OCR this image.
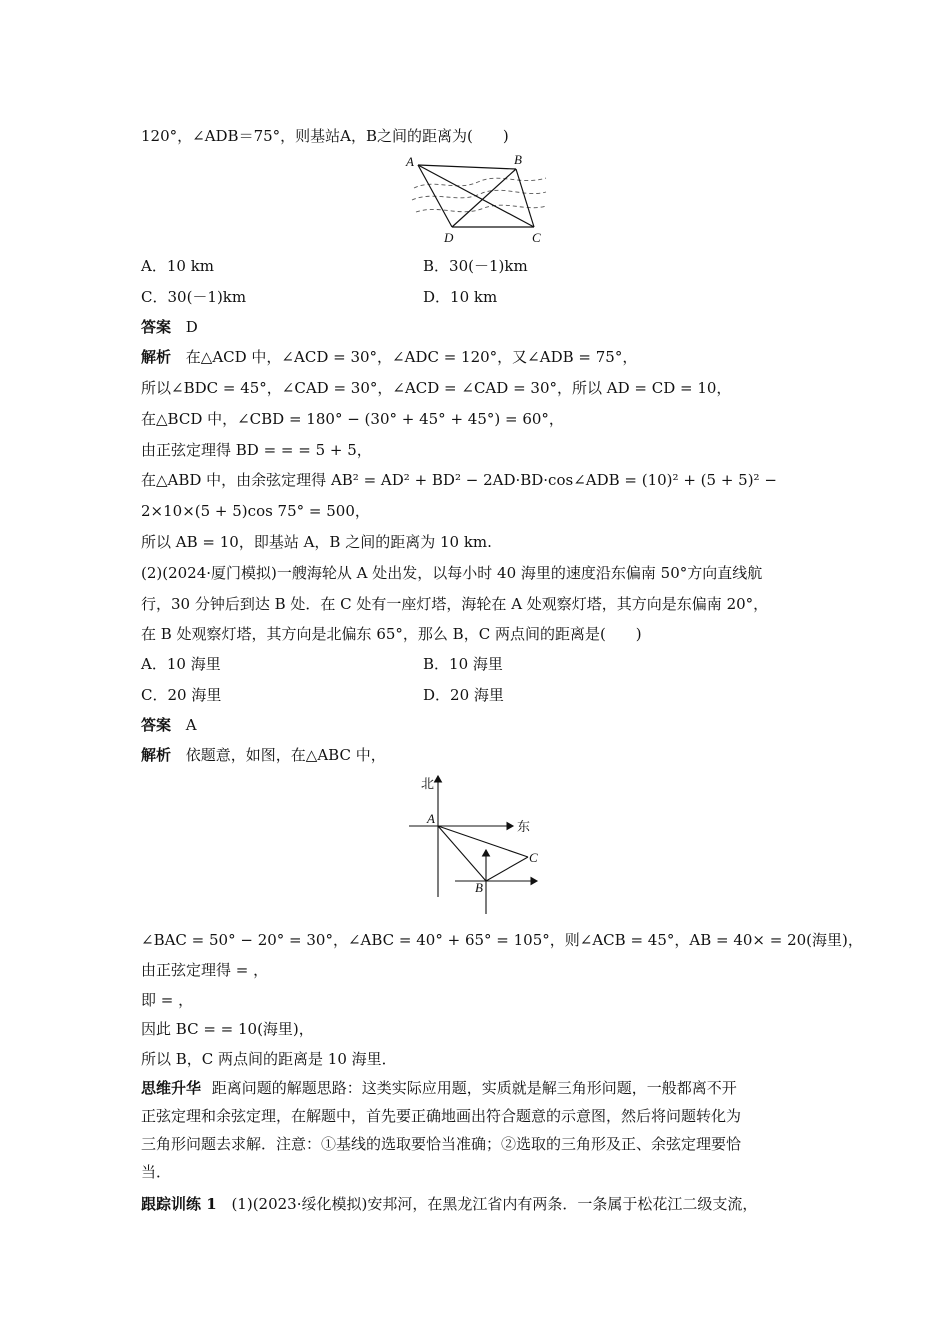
120°，∠ADB＝75°，则基站A，B之间的距离为(　　)
A	B
D	C
A．10 km	B．30(－1)km
C．30(－1)km	D．10 km
答案 D
解析 在△ACD 中，∠ACD = 30°，∠ADC = 120°，又∠ADB = 75°，
所以∠BDC = 45°，∠CAD = 30°，∠ACD = ∠CAD = 30°，所以 AD = CD = 10，
在△BCD 中，∠CBD = 180° − (30° + 45° + 45°) = 60°，
由正弦定理得 BD = = = 5 + 5，
在△ABD 中，由余弦定理得 AB² = AD² + BD² − 2AD·BD·cos∠ADB = (10)² + (5 + 5)² −
2×10×(5 + 5)cos 75° = 500，
所以 AB = 10，即基站 A，B 之间的距离为 10 km.
(2)(2024·厦门模拟)一艘海轮从 A 处出发，以每小时 40 海里的速度沿东偏南 50°方向直线航
行，30 分钟后到达 B 处．在 C 处有一座灯塔，海轮在 A 处观察灯塔，其方向是东偏南 20°，
在 B 处观察灯塔，其方向是北偏东 65°，那么 B，C 两点间的距离是(　　)
A．10 海里	B．10 海里
C．20 海里	D．20 海里
答案 A
解析 依题意，如图，在△ABC 中，
北
东
A
C
B
∠BAC = 50° − 20° = 30°，∠ABC = 40° + 65° = 105°，则∠ACB = 45°，AB = 40× = 20(海里)，
由正弦定理得 = ，
即 = ，
因此 BC = = 10(海里)，
所以 B，C 两点间的距离是 10 海里．
思维升华 距离问题的解题思路：这类实际应用题，实质就是解三角形问题，一般都离不开
正弦定理和余弦定理，在解题中，首先要正确地画出符合题意的示意图，然后将问题转化为
三角形问题去求解．注意：①基线的选取要恰当准确；②选取的三角形及正、余弦定理要恰
当．
跟踪训练 1 (1)(2023·绥化模拟)安邦河，在黑龙江省内有两条．一条属于松花江二级支流，
